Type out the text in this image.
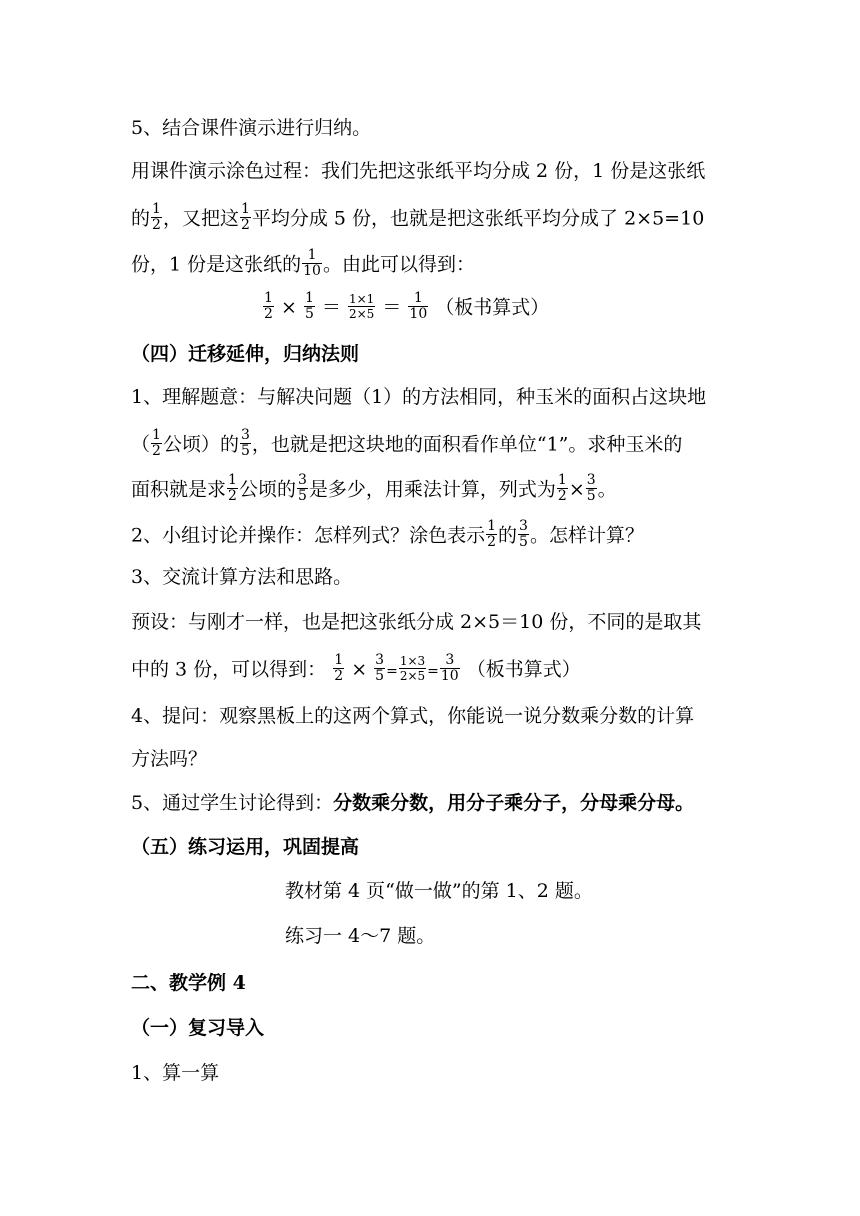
5、结合课件演示进行归纳。
用课件演示涂色过程：我们先把这张纸平均分成 2 份，1 份是这张纸
的 $\frac{1}{2}$ ，又把这 $\frac{1}{2}$ 平均分成 5 份，也就是把这张纸平均分成了 2×5=10
份，1 份是这张纸的 $\frac{1}{10}$ 。由此可以得到：
$\frac{1}{2} \times \frac{1}{5} = \frac{1\times 1}{2\times 5} = \frac{1}{10}$ （板书算式）
（四）迁移延伸，归纳法则
1、理解题意：与解决问题（1）的方法相同，种玉米的面积占这块地
（ $\frac{1}{2}$ 公顷）的 $\frac{3}{5}$ ，也就是把这块地的面积看作单位“1”。求种玉米的
面积就是求 $\frac{1}{2}$ 公顷的 $\frac{3}{5}$ 是多少，用乘法计算，列式为 $\frac{1}{2} \times \frac{3}{5}$ 。
2、小组讨论并操作：怎样列式？涂色表示 $\frac{1}{2}$ 的 $\frac{3}{5}$ 。怎样计算？
3、交流计算方法和思路。
预设：与刚才一样，也是把这张纸分成 2×5＝10 份，不同的是取其
中的 3 份，可以得到： $\frac{1}{2} \times \frac{3}{5} = \frac{1\times 3}{2\times 5} = \frac{3}{10}$ （板书算式）
4、提问：观察黑板上的这两个算式，你能说一说分数乘分数的计算
方法吗？
5、通过学生讨论得到：分数乘分数，用分子乘分子，分母乘分母。
（五）练习运用，巩固提高
教材第 4 页“做一做”的第 1、2 题。
练习一 4～7 题。
二、教学例 4
（一）复习导入
1、算一算
